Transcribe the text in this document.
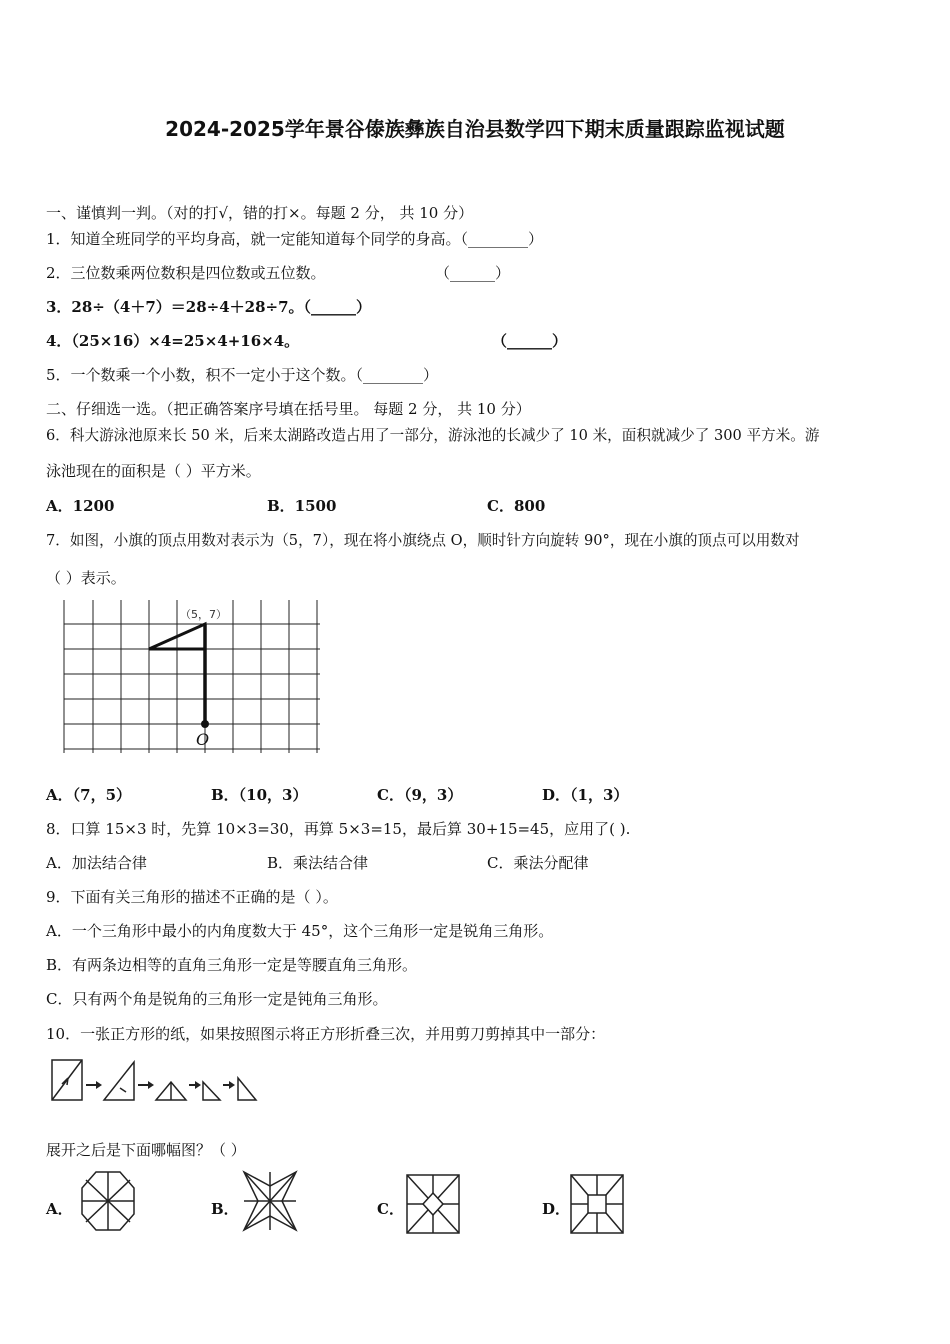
2024-2025学年景谷傣族彝族自治县数学四下期末质量跟踪监视试题
一、谨慎判一判。（对的打√，错的打×。每题 2 分， 共 10 分）
1．知道全班同学的平均身高，就一定能知道每个同学的身高。（________）
2．三位数乘两位数积是四位数或五位数。	（______）
3．28÷（4＋7）＝28÷4＋28÷7。（______）
4．（25×16）×4=25×4+16×4。	（______）
5．一个数乘一个小数，积不一定小于这个数。（________）
二、仔细选一选。（把正确答案序号填在括号里。 每题 2 分， 共 10 分）
6．科大游泳池原来长 50 米，后来太湖路改造占用了一部分，游泳池的长减少了 10 米，面积就减少了 300 平方米。游
泳池现在的面积是（ ）平方米。
A．1200	B．1500	C．800
7．如图，小旗的顶点用数对表示为（5，7），现在将小旗绕点 O，顺时针方向旋转 90°，现在小旗的顶点可以用数对
（ ）表示。
（5，7）
O
A．（7，5）	B．（10，3）	C．（9，3）	D．（1，3）
8．口算 15×3 时，先算 10×3=30，再算 5×3=15，最后算 30+15=45，应用了( ).
A．加法结合律	B．乘法结合律	C．乘法分配律
9．下面有关三角形的描述不正确的是（ ）。
A．一个三角形中最小的内角度数大于 45°，这个三角形一定是锐角三角形。
B．有两条边相等的直角三角形一定是等腰直角三角形。
C．只有两个角是锐角的三角形一定是钝角三角形。
10．一张正方形的纸，如果按照图示将正方形折叠三次，并用剪刀剪掉其中一部分：
展开之后是下面哪幅图？（ ）
A．	B．	C．	D．
